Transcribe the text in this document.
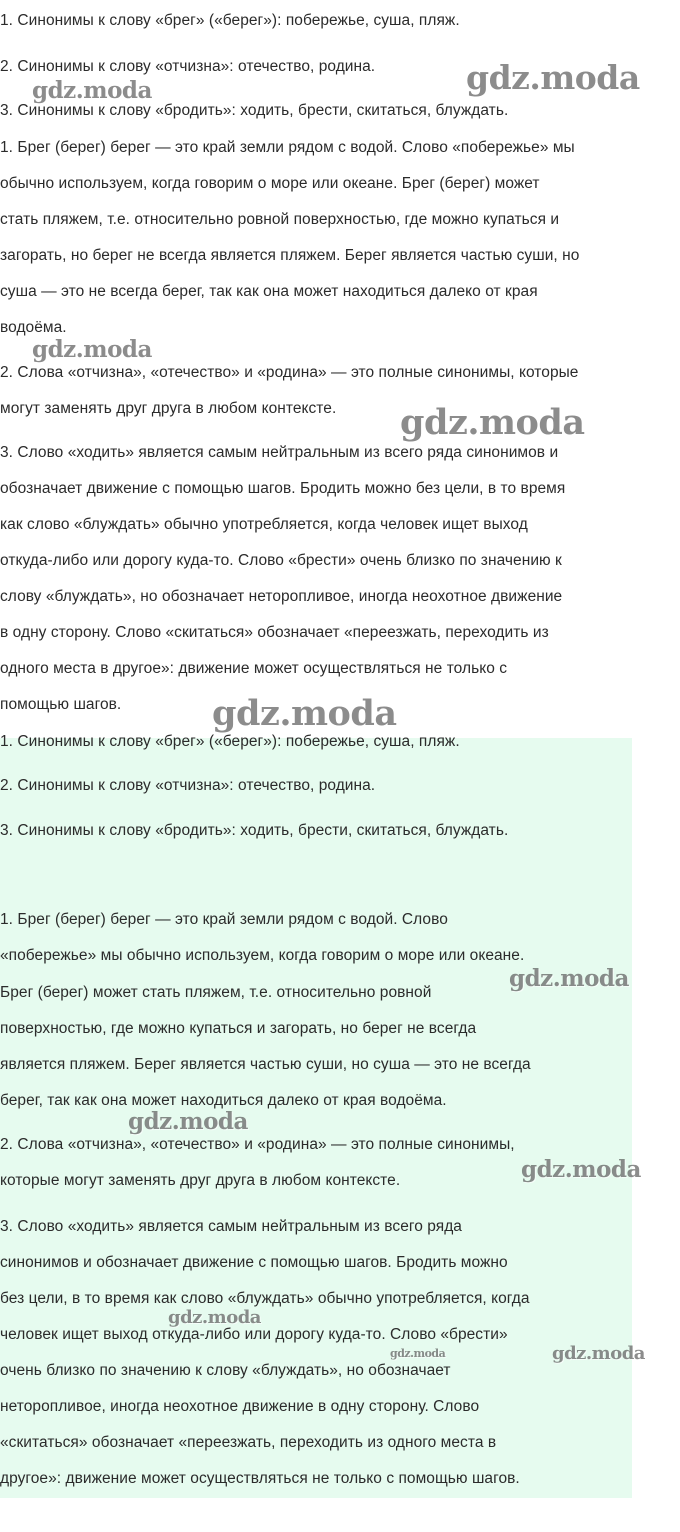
1. Синонимы к слову «брег» («берег»): побережье, суша, пляж.
2. Синонимы к слову «отчизна»: отечество, родина.
3. Синонимы к слову «бродить»: ходить, брести, скитаться, блуждать.
1. Брег (берег) берег — это край земли рядом с водой. Слово «побережье» мы
обычно используем, когда говорим о море или океане. Брег (берег) может
стать пляжем, т.е. относительно ровной поверхностью, где можно купаться и
загорать, но берег не всегда является пляжем. Берег является частью суши, но
суша — это не всегда берег, так как она может находиться далеко от края
водоёма.
2. Слова «отчизна», «отечество» и «родина» — это полные синонимы, которые
могут заменять друг друга в любом контексте.
3. Слово «ходить» является самым нейтральным из всего ряда синонимов и
обозначает движение с помощью шагов. Бродить можно без цели, в то время
как слово «блуждать» обычно употребляется, когда человек ищет выход
откуда-либо или дорогу куда-то. Слово «брести» очень близко по значению к
слову «блуждать», но обозначает неторопливое, иногда неохотное движение
в одну сторону. Слово «скитаться» обозначает «переезжать, переходить из
одного места в другое»: движение может осуществляться не только с
помощью шагов.
1. Синонимы к слову «брег» («берег»): побережье, суша, пляж.
2. Синонимы к слову «отчизна»: отечество, родина.
3. Синонимы к слову «бродить»: ходить, брести, скитаться, блуждать.
1. Брег (берег) берег — это край земли рядом с водой. Слово
«побережье» мы обычно используем, когда говорим о море или океане.
Брег (берег) может стать пляжем, т.е. относительно ровной
поверхностью, где можно купаться и загорать, но берег не всегда
является пляжем. Берег является частью суши, но суша — это не всегда
берег, так как она может находиться далеко от края водоёма.
2. Слова «отчизна», «отечество» и «родина» — это полные синонимы,
которые могут заменять друг друга в любом контексте.
3. Слово «ходить» является самым нейтральным из всего ряда
синонимов и обозначает движение с помощью шагов. Бродить можно
без цели, в то время как слово «блуждать» обычно употребляется, когда
человек ищет выход откуда-либо или дорогу куда-то. Слово «брести»
очень близко по значению к слову «блуждать», но обозначает
неторопливое, иногда неохотное движение в одну сторону. Слово
«скитаться» обозначает «переезжать, переходить из одного места в
другое»: движение может осуществляться не только с помощью шагов.
gdz.moda
gdz.moda
gdz.moda
gdz.moda
gdz.moda
gdz.moda
gdz.moda
gdz.moda
gdz.moda
gdz.moda	gdz.moda
